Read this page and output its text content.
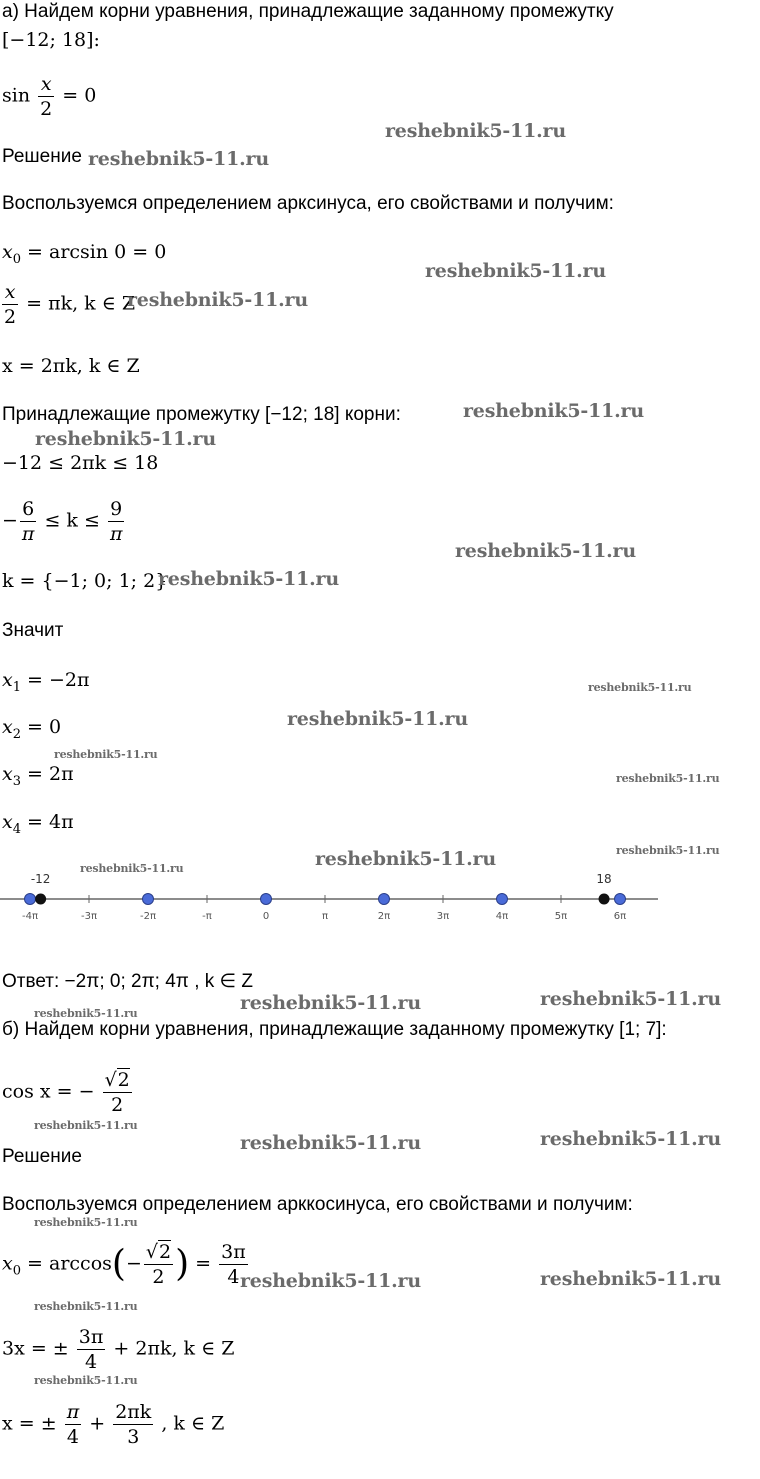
а) Найдем корни уравнения, принадлежащие заданному промежутку
[−12; 18]:
$\sin \frac{x}{2} = 0$
Решение
Воспользуемся определением арксинуса, его свойствами и получим:
$x_0 = \arcsin 0 = 0$
$\frac{x}{2} = \pi k$, k ∈ Z
x = 2πk, k ∈ Z
Принадлежащие промежутку [−12; 18] корни:
−12 ≤ 2πk ≤ 18
− $\frac{6}{\pi} \le k \le \frac{9}{\pi}$
k = {−1; 0; 1; 2}
Значит
$x_1 = -2\pi$
$x_2 = 0$
$x_3 = 2\pi$
$x_4 = 4\pi$
-4π	-3π	-2π	-π	0	π	2π	3π	4π	5π	6π
-12	18
Ответ: −2π; 0; 2π; 4π , k ∈ Z
б) Найдем корни уравнения, принадлежащие заданному промежутку [1; 7]:
cos x = − $\frac{√2}{2}$
Решение
Воспользуемся определением арккосинуса, его свойствами и получим:
$x_0 = \arccos(- \frac{√2}{2}$ ) = $\frac{3\pi}{4}$
3x = ± $\frac{3\pi}{4} + 2\pi k$, k ∈ Z
x = ± $\frac{\pi}{4} + \frac{2\pi k}{3}$ , k ∈ Z
reshebnik5-11.ru
reshebnik5-11.ru
reshebnik5-11.ru
reshebnik5-11.ru
reshebnik5-11.ru
reshebnik5-11.ru
reshebnik5-11.ru
reshebnik5-11.ru
reshebnik5-11.ru
reshebnik5-11.ru
reshebnik5-11.ru
reshebnik5-11.ru
reshebnik5-11.ru
reshebnik5-11.ru
reshebnik5-11.ru
reshebnik5-11.ru	reshebnik5-11.ru	reshebnik5-11.ru
reshebnik5-11.ru
reshebnik5-11.ru	reshebnik5-11.ru
reshebnik5-11.ru
reshebnik5-11.ru	reshebnik5-11.ru
reshebnik5-11.ru
reshebnik5-11.ru
